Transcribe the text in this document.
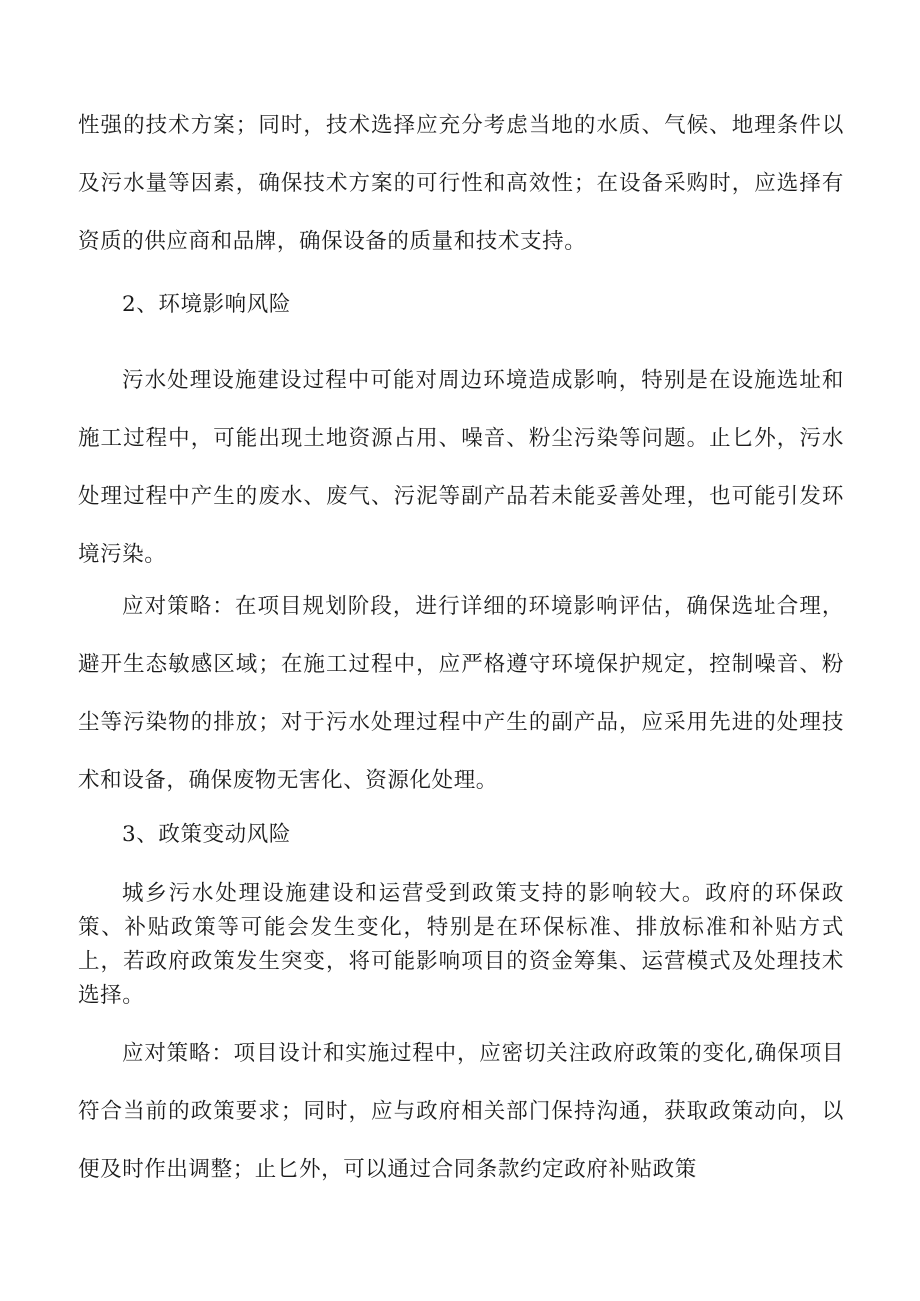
性强的技术方案；同时，技术选择应充分考虑当地的水质、气候、地理条件以及污水量等因素，确保技术方案的可行性和高效性；在设备采购时，应选择有资质的供应商和品牌，确保设备的质量和技术支持。

2、环境影响风险

污水处理设施建设过程中可能对周边环境造成影响，特别是在设施选址和施工过程中，可能出现土地资源占用、噪音、粉尘污染等问题。止匕外，污水处理过程中产生的废水、废气、污泥等副产品若未能妥善处理，也可能引发环境污染。

应对策略：在项目规划阶段，进行详细的环境影响评估，确保选址合理，避开生态敏感区域；在施工过程中，应严格遵守环境保护规定，控制噪音、粉尘等污染物的排放；对于污水处理过程中产生的副产品，应采用先进的处理技术和设备，确保废物无害化、资源化处理。

3、政策变动风险

城乡污水处理设施建设和运营受到政策支持的影响较大。政府的环保政策、补贴政策等可能会发生变化，特别是在环保标准、排放标准和补贴方式上，若政府政策发生突变，将可能影响项目的资金筹集、运营模式及处理技术选择。

应对策略：项目设计和实施过程中，应密切关注政府政策的变化,确保项目符合当前的政策要求；同时，应与政府相关部门保持沟通，获取政策动向，以便及时作出调整；止匕外，可以通过合同条款约定政府补贴政策
